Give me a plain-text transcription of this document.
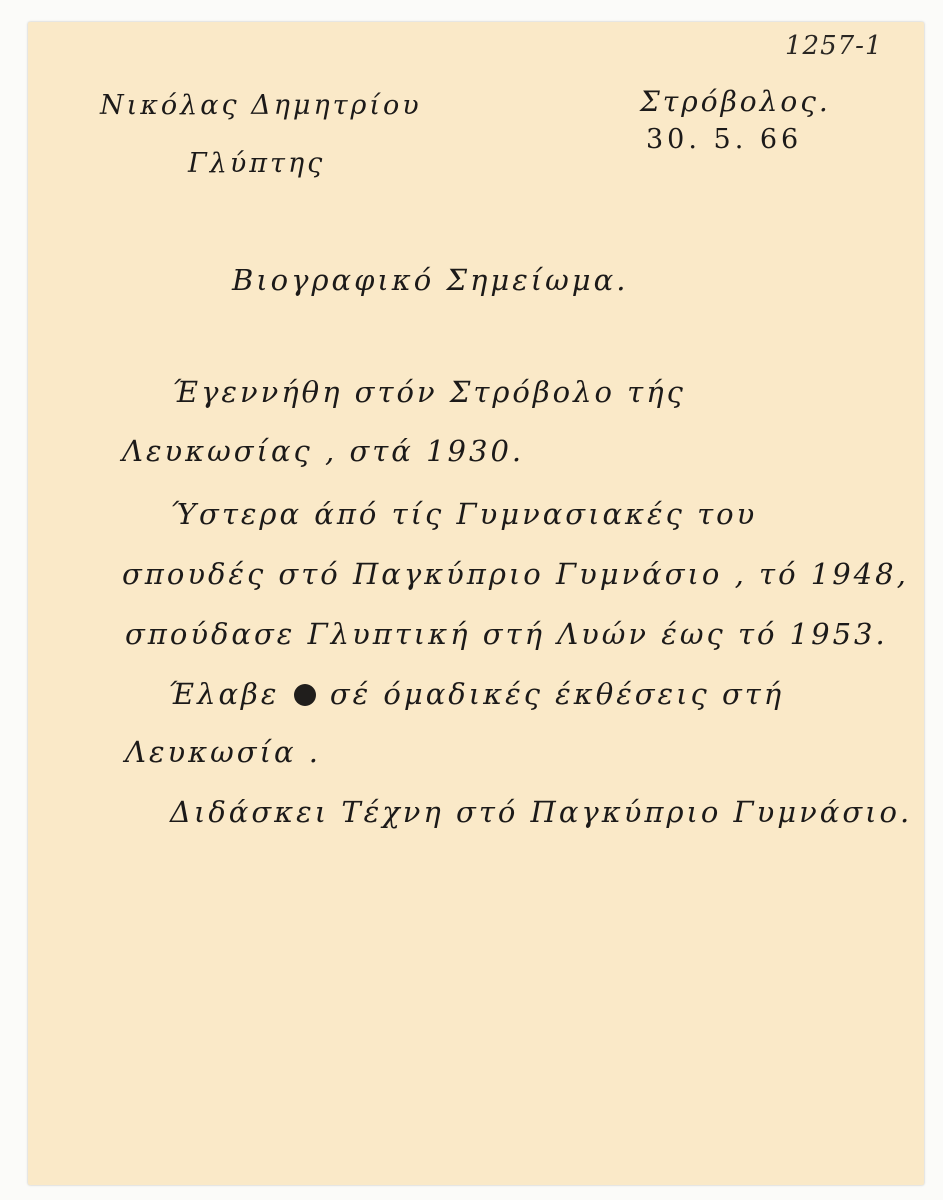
1257-1
Νικόλας Δημητρίου
Γλύπτης
Στρόβολος.
30. 5. 66
Βιογραφικό Σημείωμα.
Έγεννήθη στόν Στρόβολο τής
Λευκωσίας , στά 1930.
Ύστερα άπό τίς Γυμνασιακές του
σπουδές στό Παγκύπριο Γυμνάσιο , τό 1948,
σπούδασε Γλυπτική στή Λυών έως τό 1953.
Έλαβε σέ όμαδικές έκθέσεις στή
Λευκωσία .
Διδάσκει Τέχνη στό Παγκύπριο Γυμνάσιο.
